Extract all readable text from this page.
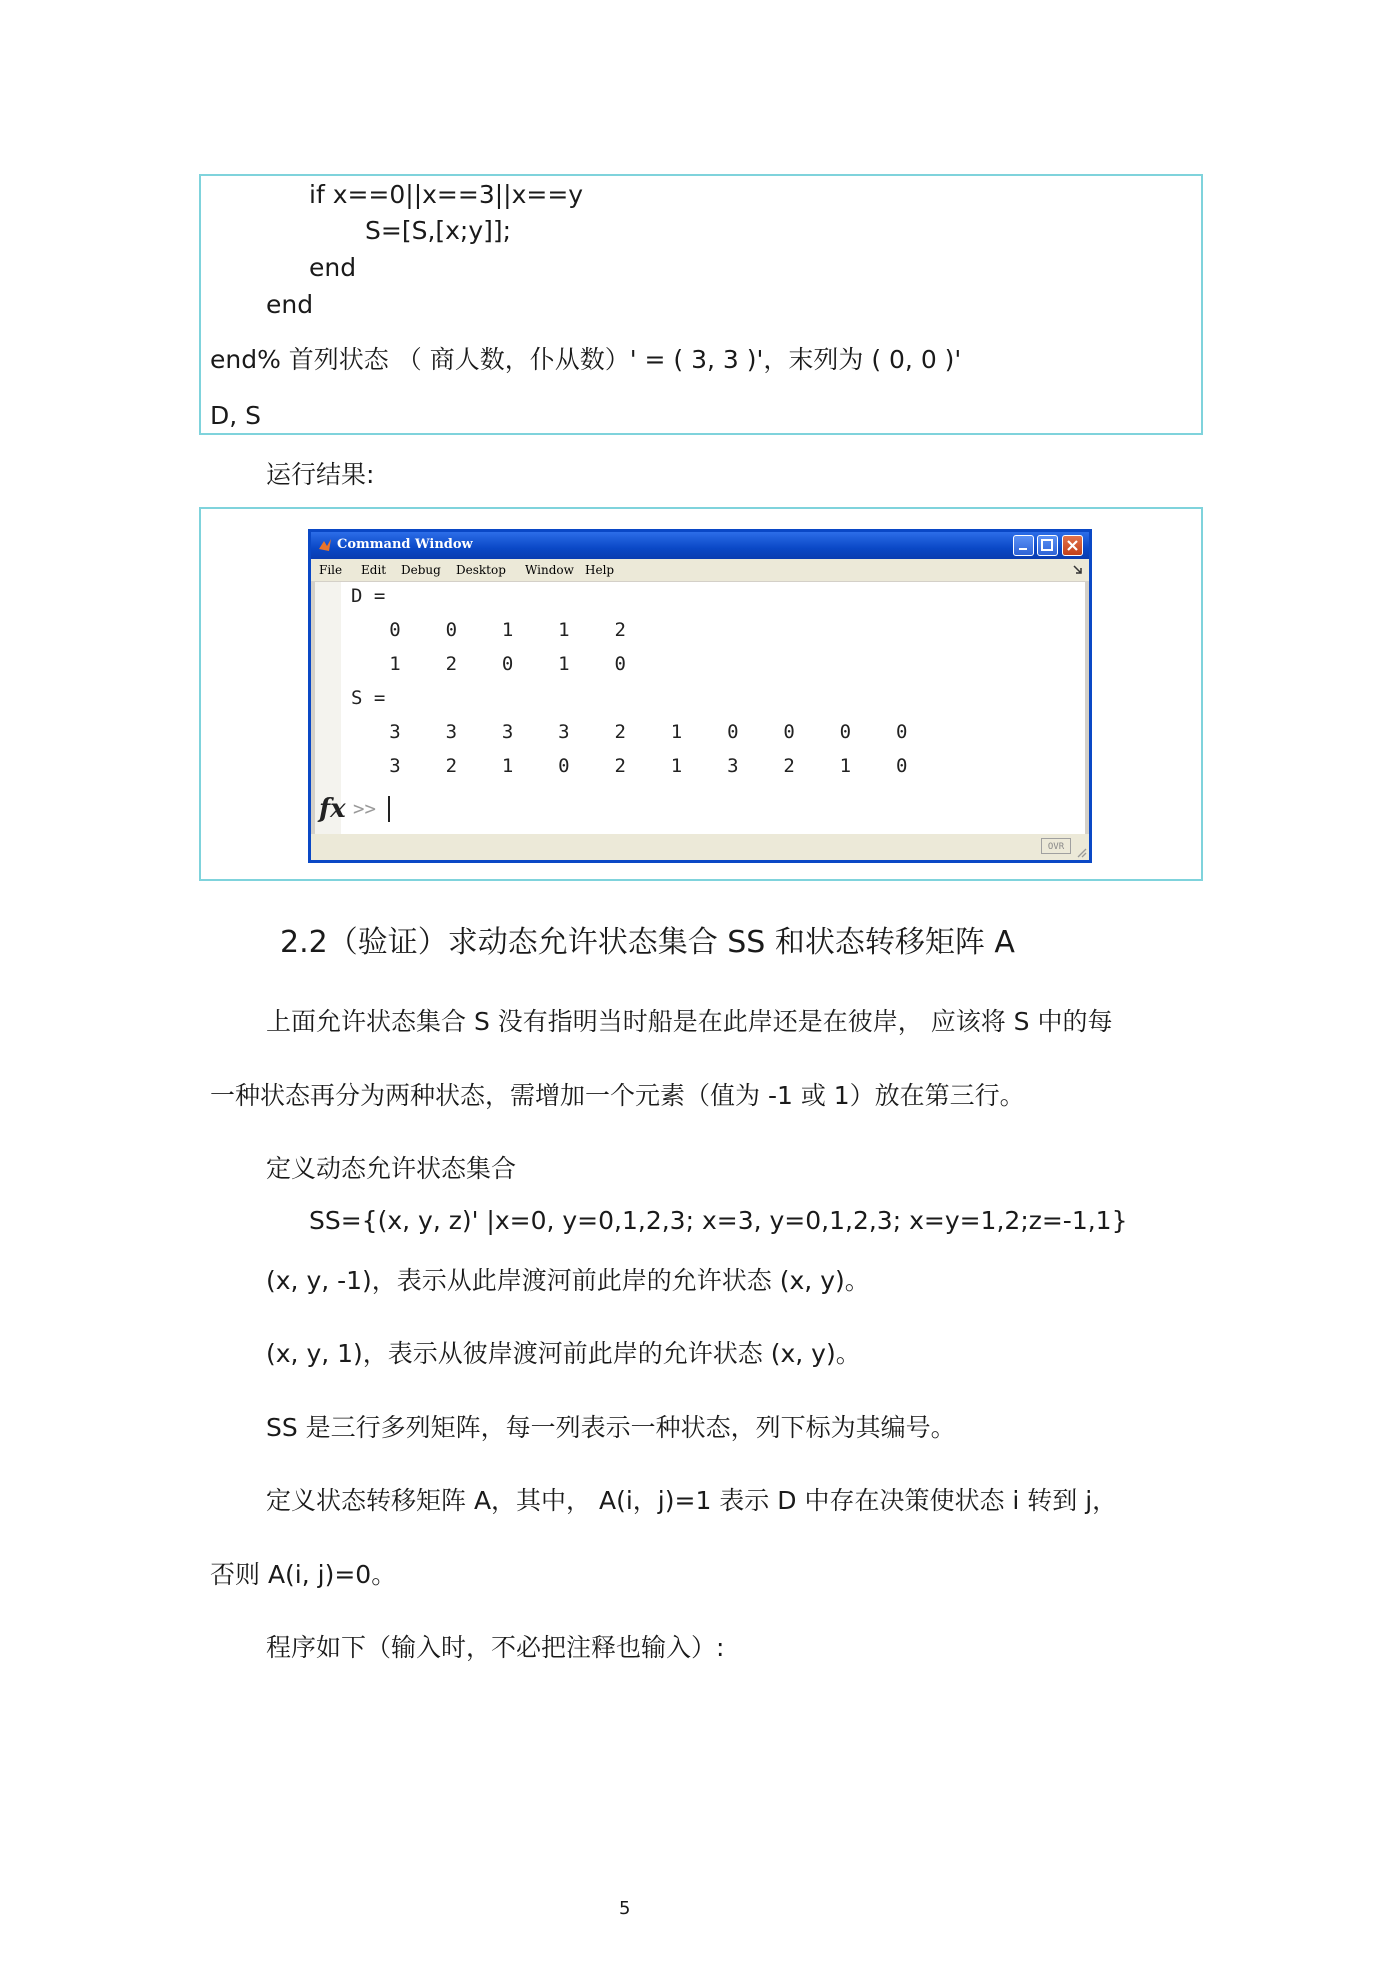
if x==0||x==3||x==y
S=[S,[x;y]];
end
end
end% 首列状态 （ 商人数，仆从数）' = ( 3, 3 )'，末列为 ( 0, 0 )'
D, S
运行结果:
Command Window
File Edit Debug Desktop Window Help
D =
0 0 1 1 2
1 2 0 1 0
S =
3 3 3 3 2 1 0 0 0 0
3 2 1 0 2 1 3 2 1 0
fx >>
OVR
2.2（验证）求动态允许状态集合 SS 和状态转移矩阵 A
上面允许状态集合 S 没有指明当时船是在此岸还是在彼岸， 应该将 S 中的每
一种状态再分为两种状态，需增加一个元素（值为 -1 或 1）放在第三行。
定义动态允许状态集合
SS={(x, y, z)' |x=0, y=0,1,2,3; x=3, y=0,1,2,3; x=y=1,2;z=-1,1}
(x, y, -1)，表示从此岸渡河前此岸的允许状态 (x, y)。
(x, y, 1)，表示从彼岸渡河前此岸的允许状态 (x, y)。
SS 是三行多列矩阵，每一列表示一种状态，列下标为其编号。
定义状态转移矩阵 A，其中， A(i，j)=1 表示 D 中存在决策使状态 i 转到 j，
否则 A(i, j)=0。
程序如下（输入时，不必把注释也输入）:
5
